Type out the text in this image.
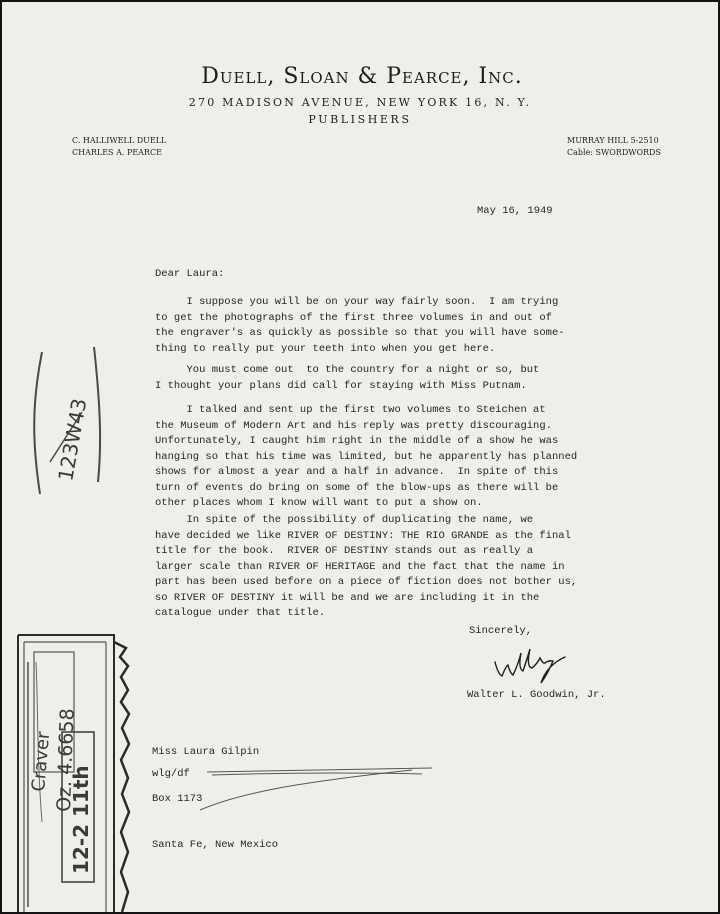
Duell, Sloan & Pearce, Inc.
270 MADISON AVENUE, NEW YORK 16, N. Y.
PUBLISHERS
C. HALLIWELL DUELL
CHARLES A. PEARCE
MURRAY HILL 5-2510
Cable: SWORDWORDS
May 16, 1949
Dear Laura:
I suppose you will be on your way fairly soon.  I am trying
to get the photographs of the first three volumes in and out of
the engraver's as quickly as possible so that you will have some-
thing to really put your teeth into when you get here.
You must come out  to the country for a night or so, but
I thought your plans did call for staying with Miss Putnam.
I talked and sent up the first two volumes to Steichen at
the Museum of Modern Art and his reply was pretty discouraging.
Unfortunately, I caught him right in the middle of a show he was
hanging so that his time was limited, but he apparently has planned
shows for almost a year and a half in advance.  In spite of this
turn of events do bring on some of the blow-ups as there will be
other places whom I know will want to put a show on.
In spite of the possibility of duplicating the name, we
have decided we like RIVER OF DESTINY: THE RIO GRANDE as the final
title for the book.  RIVER OF DESTINY stands out as really a
larger scale than RIVER OF HERITAGE and the fact that the name in
part has been used before on a piece of fiction does not bother us,
so RIVER OF DESTINY it will be and we are including it in the
catalogue under that title.
Sincerely,
Walter L. Goodwin, Jr.

Miss Laura Gilpin

Box 1173

Santa Fe, New Mexico

wlg/df
123W43
Craver
Oz. 4.6658
12-2 11th
